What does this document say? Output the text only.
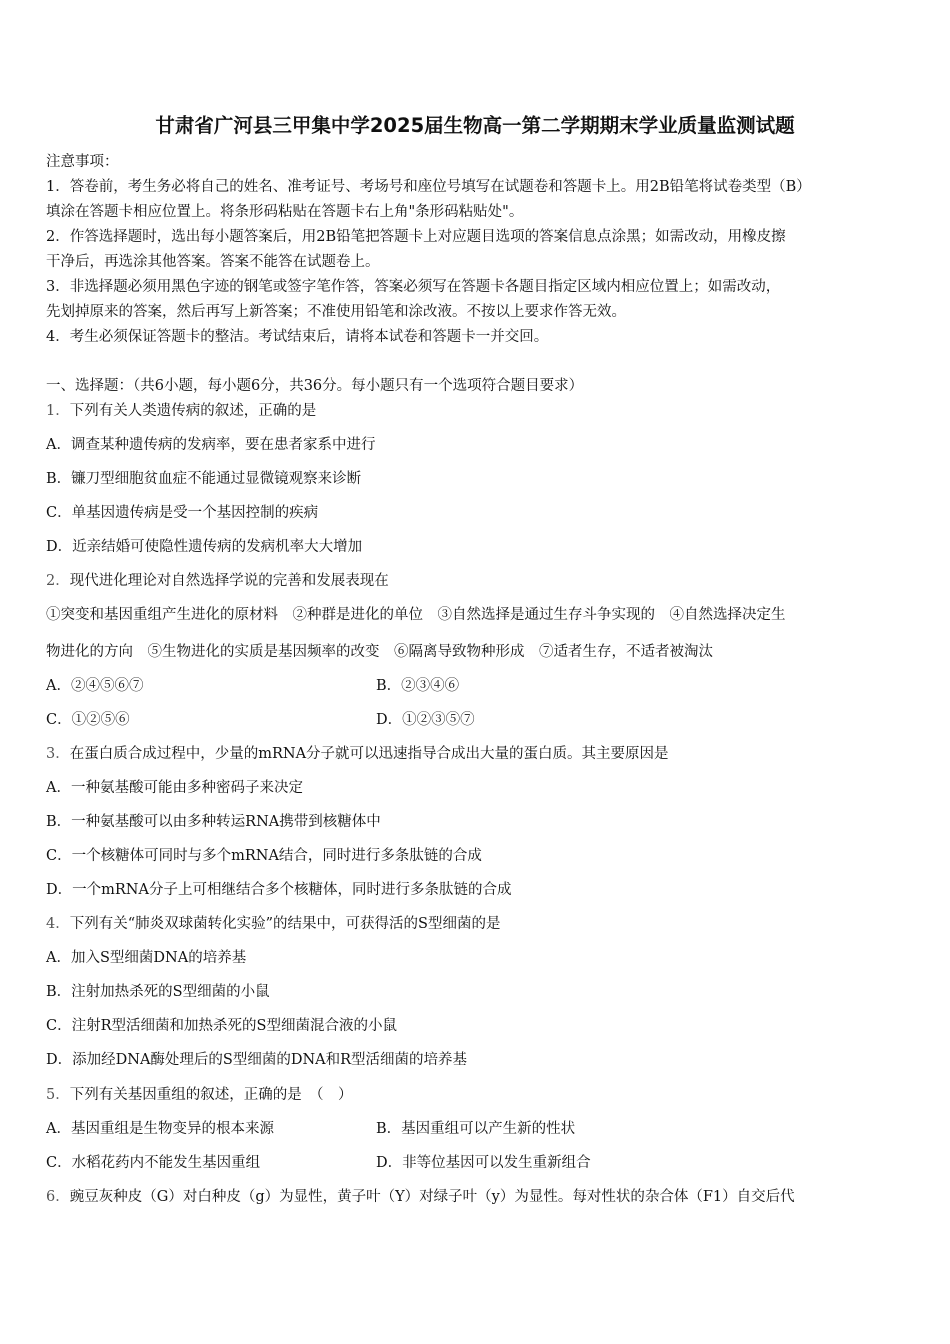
甘肃省广河县三甲集中学2025届生物高一第二学期期末学业质量监测试题
注意事项：
1．答卷前，考生务必将自己的姓名、准考证号、考场号和座位号填写在试题卷和答题卡上。用2B铅笔将试卷类型（B）
填涂在答题卡相应位置上。将条形码粘贴在答题卡右上角"条形码粘贴处"。
2．作答选择题时，选出每小题答案后，用2B铅笔把答题卡上对应题目选项的答案信息点涂黑；如需改动，用橡皮擦
干净后，再选涂其他答案。答案不能答在试题卷上。
3．非选择题必须用黑色字迹的钢笔或签字笔作答，答案必须写在答题卡各题目指定区域内相应位置上；如需改动，
先划掉原来的答案，然后再写上新答案；不准使用铅笔和涂改液。不按以上要求作答无效。
4．考生必须保证答题卡的整洁。考试结束后，请将本试卷和答题卡一并交回。
一、选择题：（共6小题，每小题6分，共36分。每小题只有一个选项符合题目要求）
1．下列有关人类遗传病的叙述，正确的是
A．调查某种遗传病的发病率，要在患者家系中进行
B．镰刀型细胞贫血症不能通过显微镜观察来诊断
C．单基因遗传病是受一个基因控制的疾病
D．近亲结婚可使隐性遗传病的发病机率大大增加
2．现代进化理论对自然选择学说的完善和发展表现在
①突变和基因重组产生进化的原材料　②种群是进化的单位　③自然选择是通过生存斗争实现的　④自然选择决定生
物进化的方向　⑤生物进化的实质是基因频率的改变　⑥隔离导致物种形成　⑦适者生存，不适者被淘汰
A．②④⑤⑥⑦	B．②③④⑥
C．①②⑤⑥	D．①②③⑤⑦
3．在蛋白质合成过程中，少量的mRNA分子就可以迅速指导合成出大量的蛋白质。其主要原因是
A．一种氨基酸可能由多种密码子来决定
B．一种氨基酸可以由多种转运RNA携带到核糖体中
C．一个核糖体可同时与多个mRNA结合，同时进行多条肽链的合成
D．一个mRNA分子上可相继结合多个核糖体，同时进行多条肽链的合成
4．下列有关“肺炎双球菌转化实验”的结果中，可获得活的S型细菌的是
A．加入S型细菌DNA的培养基
B．注射加热杀死的S型细菌的小鼠
C．注射R型活细菌和加热杀死的S型细菌混合液的小鼠
D．添加经DNA酶处理后的S型细菌的DNA和R型活细菌的培养基
5．下列有关基因重组的叙述，正确的是　（　）
A．基因重组是生物变异的根本来源	B．基因重组可以产生新的性状
C．水稻花药内不能发生基因重组	D．非等位基因可以发生重新组合
6．豌豆灰种皮（G）对白种皮（g）为显性，黄子叶（Y）对绿子叶（y）为显性。每对性状的杂合体（F1）自交后代
